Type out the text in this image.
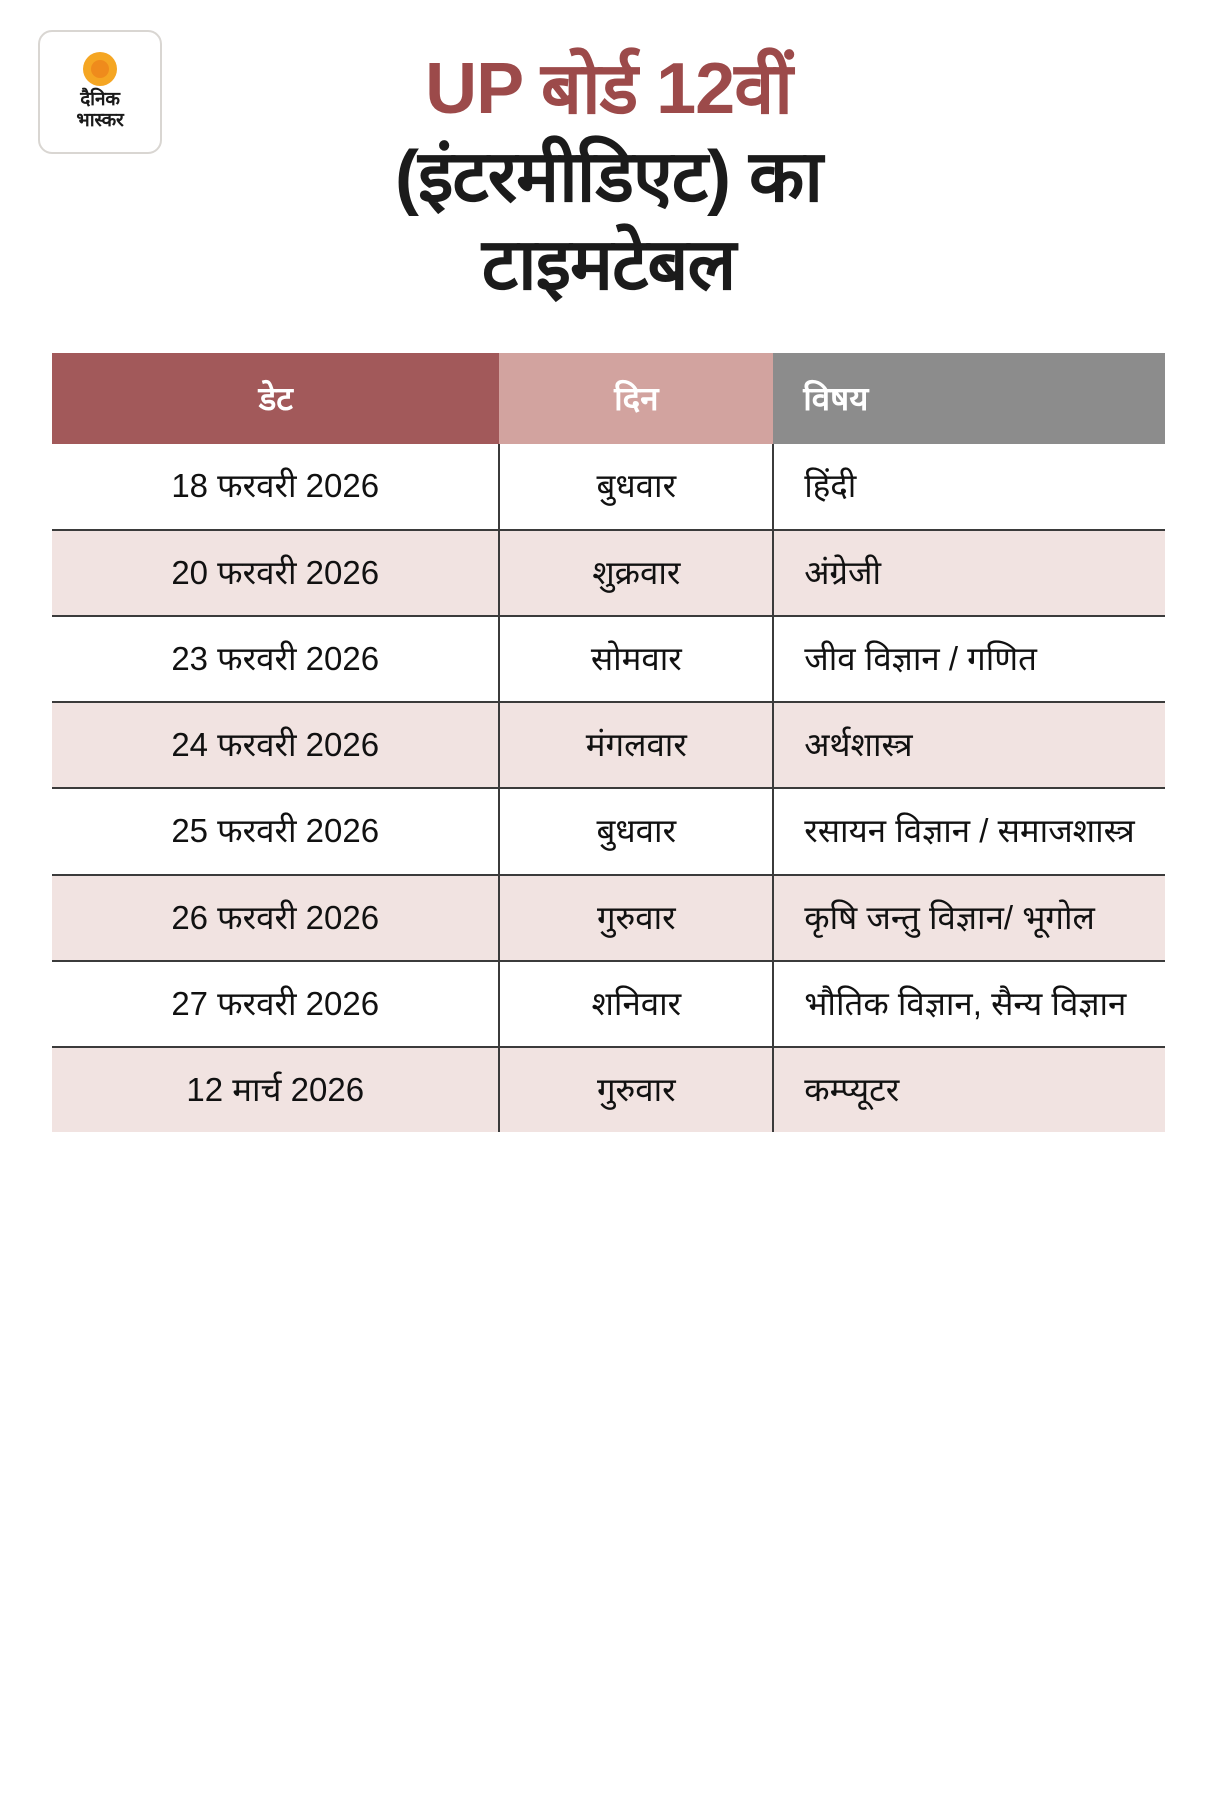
दैनिक
भास्कर	UP बोर्ड 12वीं
(इंटरमीडिएट) का
टाइमटेबल
डेट	दिन	विषय
18 फरवरी 2026	बुधवार	हिंदी
20 फरवरी 2026	शुक्रवार	अंग्रेजी
23 फरवरी 2026	सोमवार	जीव विज्ञान / गणित
24 फरवरी 2026	मंगलवार	अर्थशास्त्र
25 फरवरी 2026	बुधवार	रसायन विज्ञान / समाजशास्त्र
26 फरवरी 2026	गुरुवार	कृषि जन्तु विज्ञान/ भूगोल
27 फरवरी 2026	शनिवार	भौतिक विज्ञान, सैन्य विज्ञान
12 मार्च 2026	गुरुवार	कम्प्यूटर
